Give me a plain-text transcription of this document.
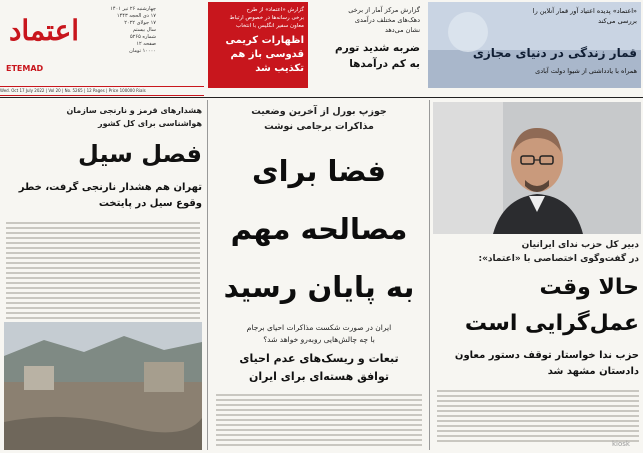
اعتماد
ETEMAD
چهارشنبه ۲۶ تیر ۱۴۰۱
۱۷ ذی الحجه ۱۴۴۳
۱۷ جولای ۲۰۲۲
سال بیستم
شماره ۵۲۶۵
صفحه ۱۲
۱۰۰۰۰ تومان
Wed. Oct 17 July 2022 | Vol 20 | No. 5265 | 12 Pages | Price 100000 Rials
گزارش «اعتماد» از طرح
برخی رسانه‌ها در خصوص ارتباط
معاون سفیر انگلیس با انتخاب
اظهارات کریمی
قدوسی باز هم
تکذیب شد
گزارش مرکز آمار از برخی
دهک‌های مختلف درآمدی
نشان می‌دهد
ضربه شدید تورم
به کم درآمدها
«اعتماد» پدیده اعتیاد آور قمار آنلاین را
بررسی می‌کند
قمار زندگی در دنیای مجازی
همراه با یادداشتی از شیوا دولت آبادی
هشدارهای قرمز و نارنجی سازمان
هواشناسی برای کل کشور
فصل سیل
تهران هم هشدار نارنجی گرفت، خطر
وقوع سیل در پایتخت
جوزپ بورل از آخرین وضعیت
مذاکرات برجامی نوشت
فضا برای
مصالحه مهم
به پایان رسید
ایران در صورت شکست مذاکرات احیای برجام
با چه چالش‌هایی روبه‌رو خواهد شد؟
تبعات و ریسک‌های عدم احیای
توافق هسته‌ای برای ایران
دبیر کل حزب ندای ایرانیان
در گفت‌وگوی اختصاصی با «اعتماد»:
حالا وقت
عمل‌گرایی است
حزب ندا خواستار توقف دستور معاون
دادستان مشهد شد
kiosk
